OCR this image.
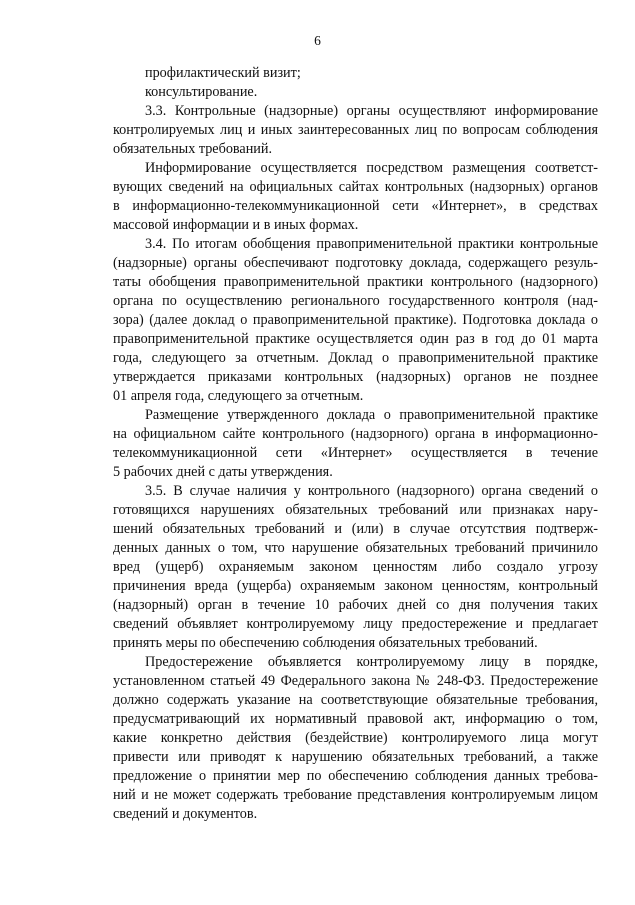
6
профилактический визит;
консультирование.
3.3. Контрольные (надзорные) органы осуществляют информирование
контролируемых лиц и иных заинтересованных лиц по вопросам соблюдения
обязательных требований.
Информирование осуществляется посредством размещения соответст-
вующих сведений на официальных сайтах контрольных (надзорных) органов
в информационно-телекоммуникационной сети «Интернет», в средствах
массовой информации и в иных формах.
3.4. По итогам обобщения правоприменительной практики контрольные
(надзорные) органы обеспечивают подготовку доклада, содержащего резуль-
таты обобщения правоприменительной практики контрольного (надзорного)
органа по осуществлению регионального государственного контроля (над-
зора) (далее доклад о правоприменительной практике). Подготовка доклада о
правоприменительной практике осуществляется один раз в год до 01 марта
года, следующего за отчетным. Доклад о правоприменительной практике
утверждается приказами контрольных (надзорных) органов не позднее
01 апреля года, следующего за отчетным.
Размещение утвержденного доклада о правоприменительной практике
на официальном сайте контрольного (надзорного) органа в информационно-
телекоммуникационной сети «Интернет» осуществляется в течение
5 рабочих дней с даты утверждения.
3.5. В случае наличия у контрольного (надзорного) органа сведений о
готовящихся нарушениях обязательных требований или признаках нару-
шений обязательных требований и (или) в случае отсутствия подтверж-
денных данных о том, что нарушение обязательных требований причинило
вред (ущерб) охраняемым законом ценностям либо создало угрозу
причинения вреда (ущерба) охраняемым законом ценностям, контрольный
(надзорный) орган в течение 10 рабочих дней со дня получения таких
сведений объявляет контролируемому лицу предостережение и предлагает
принять меры по обеспечению соблюдения обязательных требований.
Предостережение объявляется контролируемому лицу в порядке,
установленном статьей 49 Федерального закона № 248-ФЗ. Предостережение
должно содержать указание на соответствующие обязательные требования,
предусматривающий их нормативный правовой акт, информацию о том,
какие конкретно действия (бездействие) контролируемого лица могут
привести или приводят к нарушению обязательных требований, а также
предложение о принятии мер по обеспечению соблюдения данных требова-
ний и не может содержать требование представления контролируемым лицом
сведений и документов.
